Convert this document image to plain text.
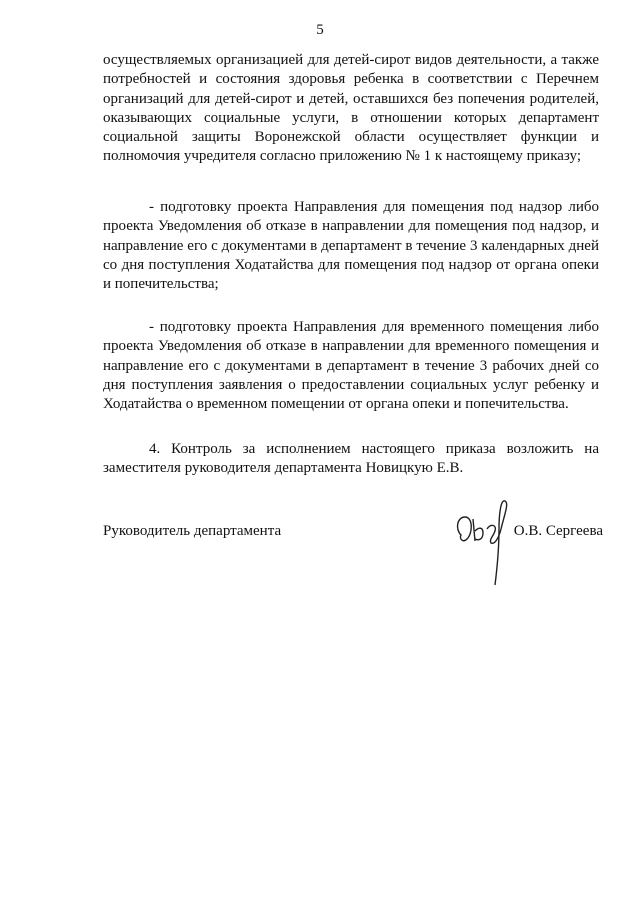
5

осуществляемых организацией для детей-сирот видов деятельности, а также потребностей и состояния здоровья ребенка в соответствии с Перечнем организаций для детей-сирот и детей, оставшихся без попечения родителей, оказывающих социальные услуги, в отношении которых департамент социальной защиты Воронежской области осуществляет функции и полномочия учредителя согласно приложению № 1 к настоящему приказу;

- подготовку проекта Направления для помещения под надзор либо проекта Уведомления об отказе в направлении для помещения под надзор, и направление его с документами в департамент в течение 3 календарных дней со дня поступления Ходатайства для помещения под надзор от органа опеки и попечительства;

- подготовку проекта Направления для временного помещения либо проекта Уведомления об отказе в направлении для временного помещения и направление его с документами в департамент в течение 3 рабочих дней со дня поступления заявления о предоставлении социальных услуг ребенку и Ходатайства о временном помещении от органа опеки и попечительства.

4. Контроль за исполнением настоящего приказа возложить на заместителя руководителя департамента Новицкую Е.В.

Руководитель департамента	О.В. Сергеева
